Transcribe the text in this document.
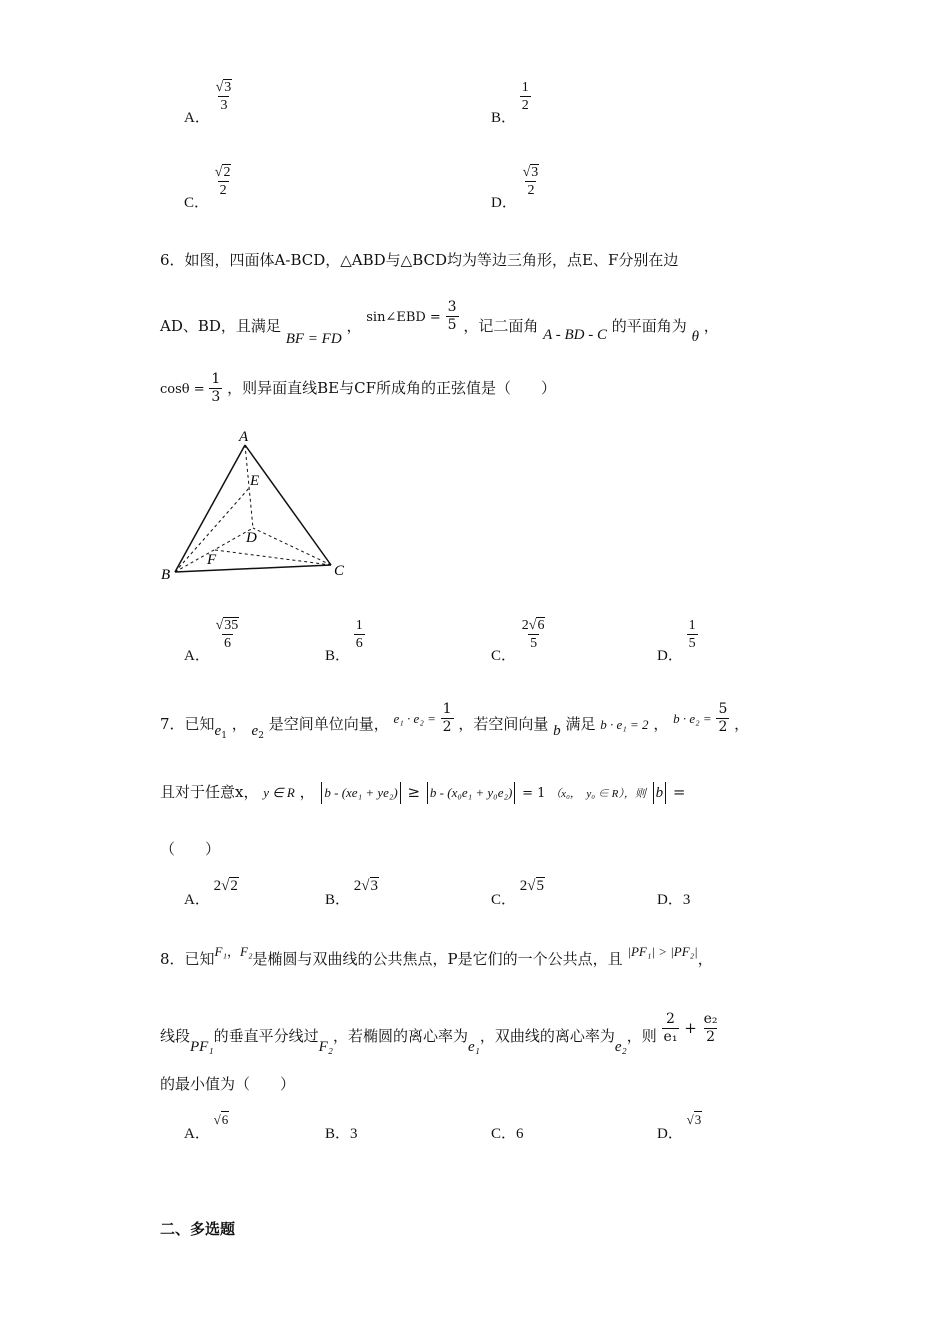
A．
$\frac{√3}{3}$
B．
$\frac{1}{2}$
C．
$\frac{√2}{2}$
D．
$\frac{√3}{2}$
6．如图，四面体A-BCD，△ABD与△BCD均为等边三角形，点E、F分别在边
AD、BD，且满足 BF = FD ， sin∠EBD = $\frac{3}{5}$ ，记二面角 A - BD - C 的平面角为 θ ，
$\cos\theta = \frac{1}{3}$ ，则异面直线BE与CF所成角的正弦值是（　　）
A
E
D
F
B	C
A．
$\frac{√35}{6}$
B．
$\frac{1}{6}$
C．
$\frac{2√6}{5}$
D．
$\frac{1}{5}$
7．已知$e_1$ ， $e_2$ 是空间单位向量， $e_1 \cdot e_2 = \frac{1}{2}$ ，若空间向量 b 满足 b · e₁ = 2 ， $b \cdot e_2 = \frac{5}{2}$ ，
且对于任意x， y ∈ R ， b - (xe₁ + ye₂) ≥ b - (x₀e₁ + y₀e₂) = 1 （x₀，　y₀ ∈ R），则 b =
（　　）
A． 2√2
B． 2√3
C． 2√5
D．3
8．已知F₁，F₂是椭圆与双曲线的公共焦点，P是它们的一个公共点，且 |PF₁| > |PF₂|，
线段PF₁的垂直平分线过F₂，若椭圆的离心率为e₁，双曲线的离心率为e₂，则 $\frac{2}{\text{e₁}} + \frac{\text{e₂}}{2}$
的最小值为（　　）
A． √6
B．3	C．6	D． √3
二、多选题
